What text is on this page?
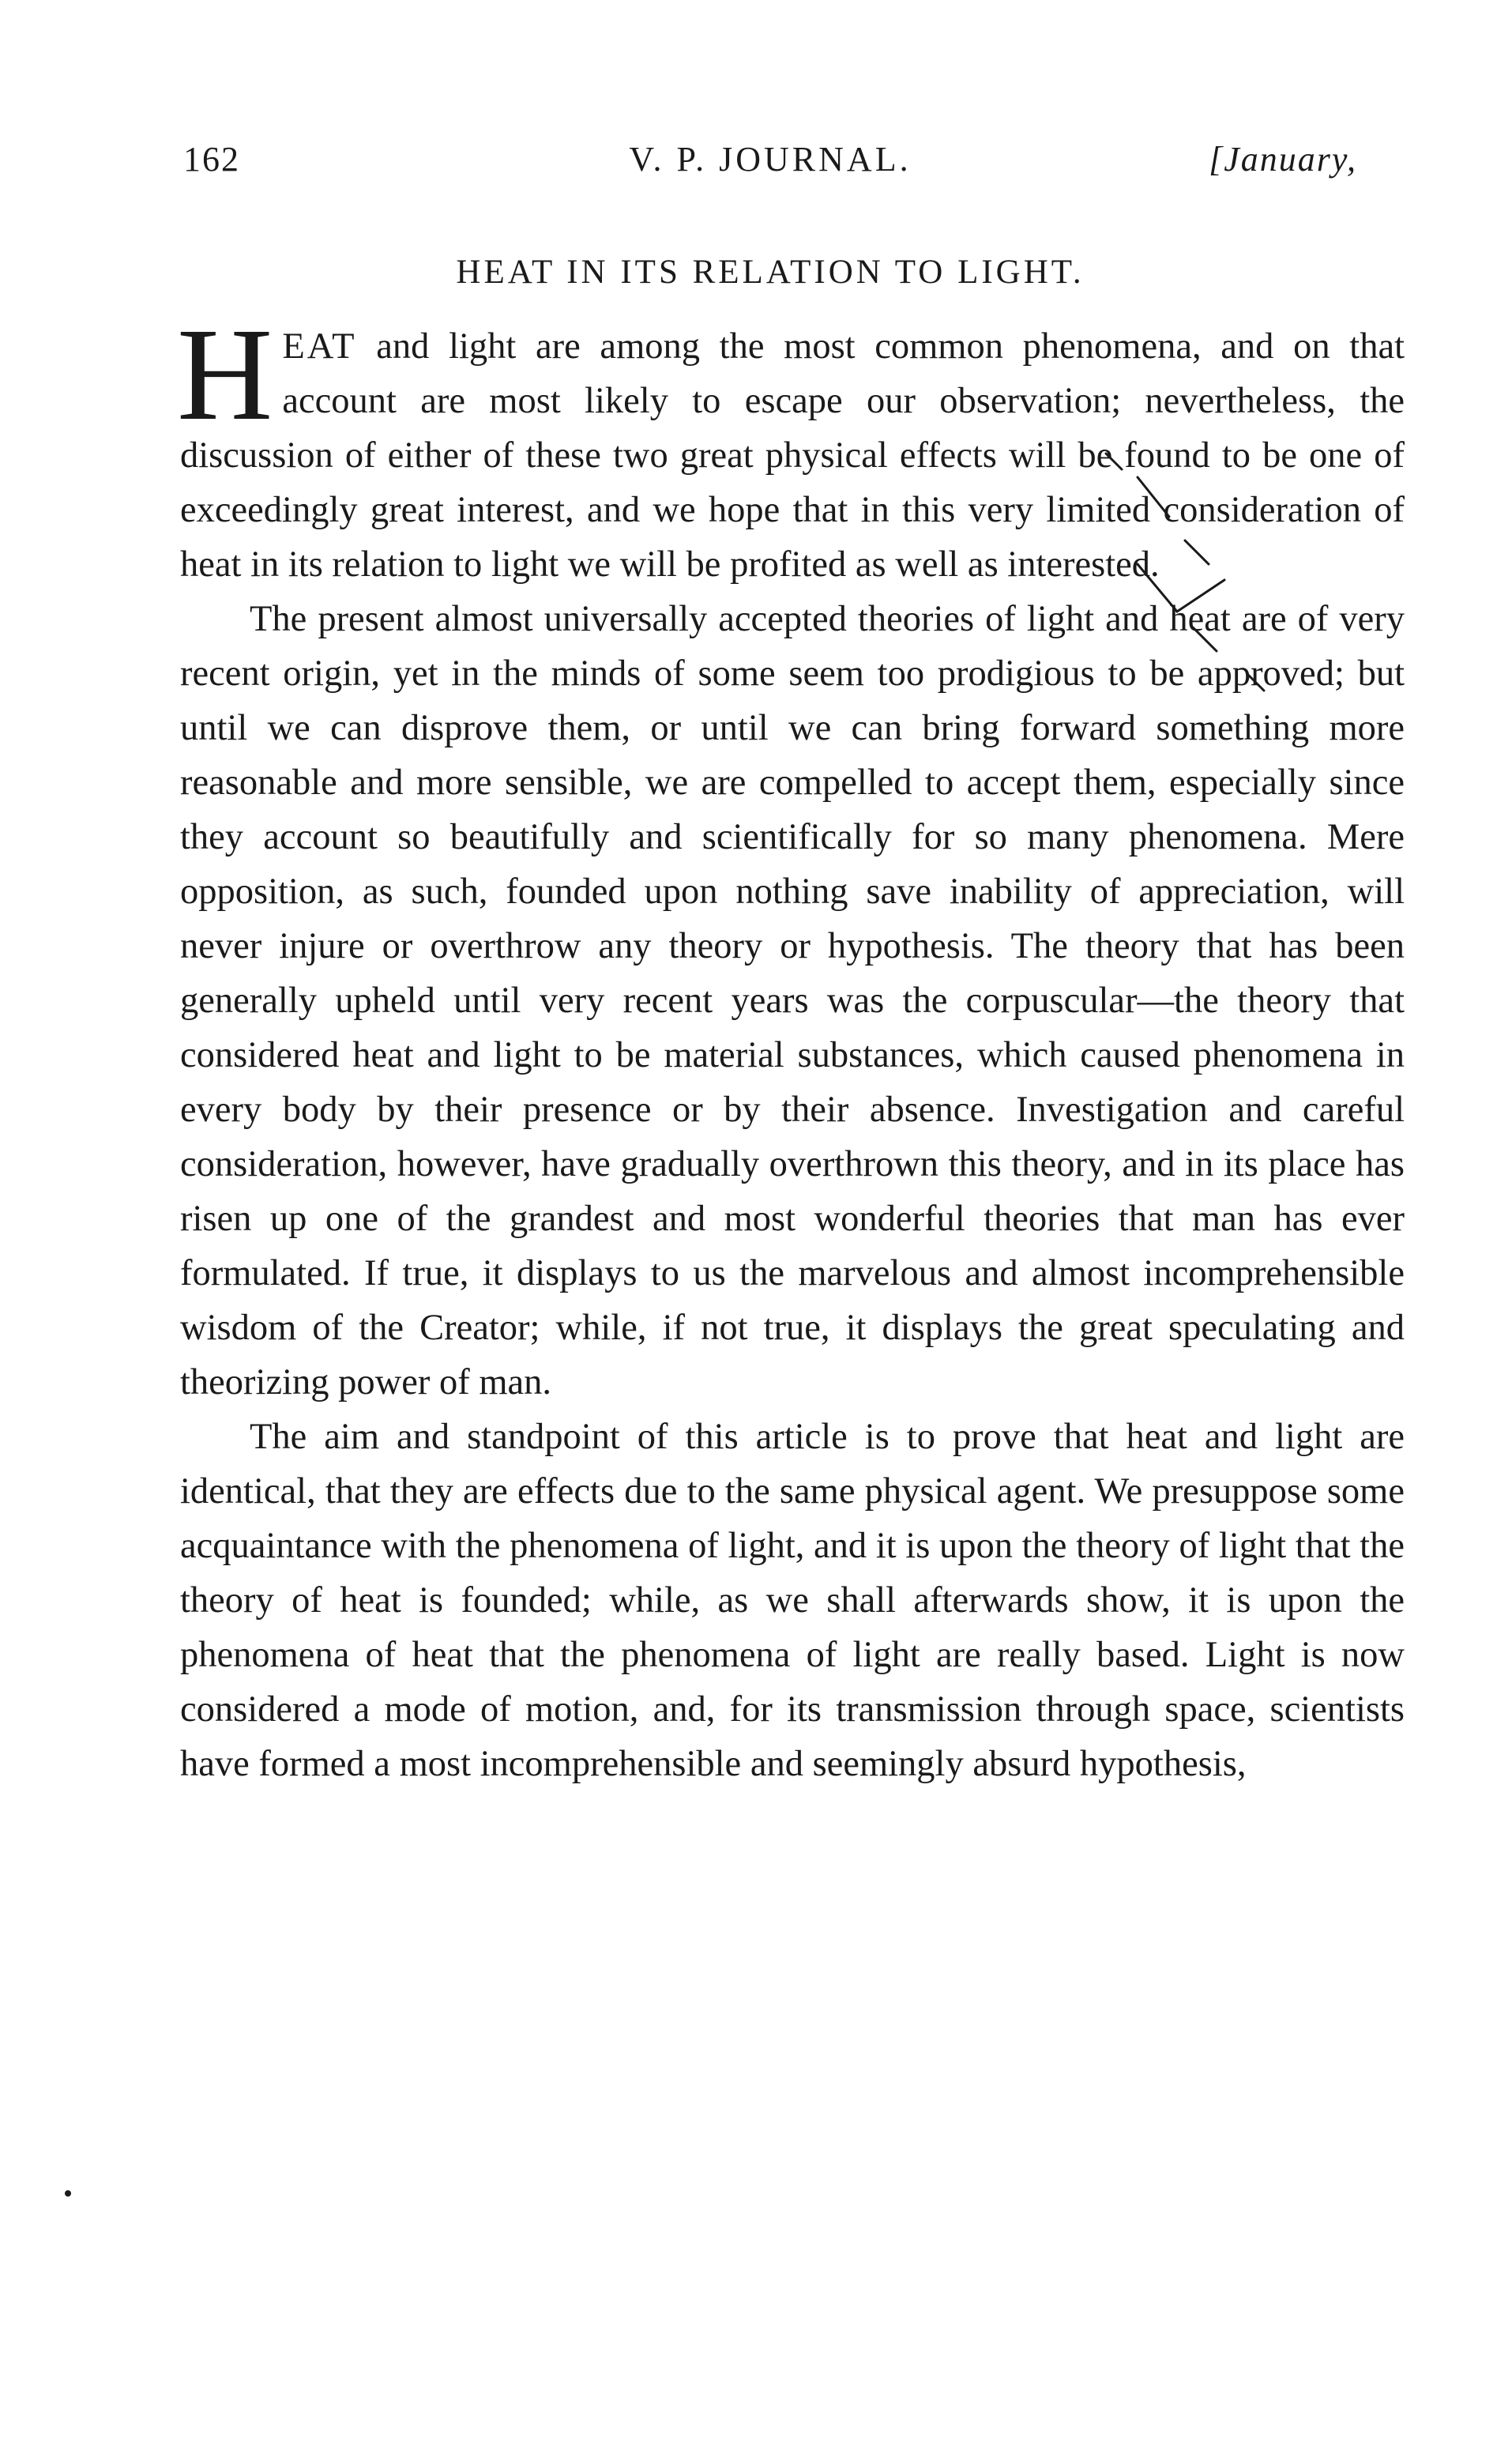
162	V. P. JOURNAL.	[January,
HEAT IN ITS RELATION TO LIGHT.

HEAT and light are among the most common phenomena, and on that account are most likely to escape our observation; nevertheless, the discussion of either of these two great physical effects will be found to be one of exceedingly great interest, and we hope that in this very limited consideration of heat in its relation to light we will be profited as well as interested.

The present almost universally accepted theories of light and heat are of very recent origin, yet in the minds of some seem too prodigious to be approved; but until we can disprove them, or until we can bring forward something more reasonable and more sensible, we are compelled to accept them, especially since they account so beautifully and scientifically for so many phenomena. Mere opposition, as such, founded upon nothing save inability of appreciation, will never injure or overthrow any theory or hypothesis. The theory that has been generally upheld until very recent years was the corpuscular—the theory that considered heat and light to be material substances, which caused phenomena in every body by their presence or by their absence. Investigation and careful consideration, however, have gradually overthrown this theory, and in its place has risen up one of the grandest and most wonderful theories that man has ever formulated. If true, it displays to us the marvelous and almost incomprehensible wisdom of the Creator; while, if not true, it displays the great speculating and theorizing power of man.

The aim and standpoint of this article is to prove that heat and light are identical, that they are effects due to the same physical agent. We presuppose some acquaintance with the phenomena of light, and it is upon the theory of light that the theory of heat is founded; while, as we shall afterwards show, it is upon the phenomena of heat that the phenomena of light are really based. Light is now considered a mode of motion, and, for its transmission through space, scientists have formed a most incomprehensible and seemingly absurd hypothesis,
